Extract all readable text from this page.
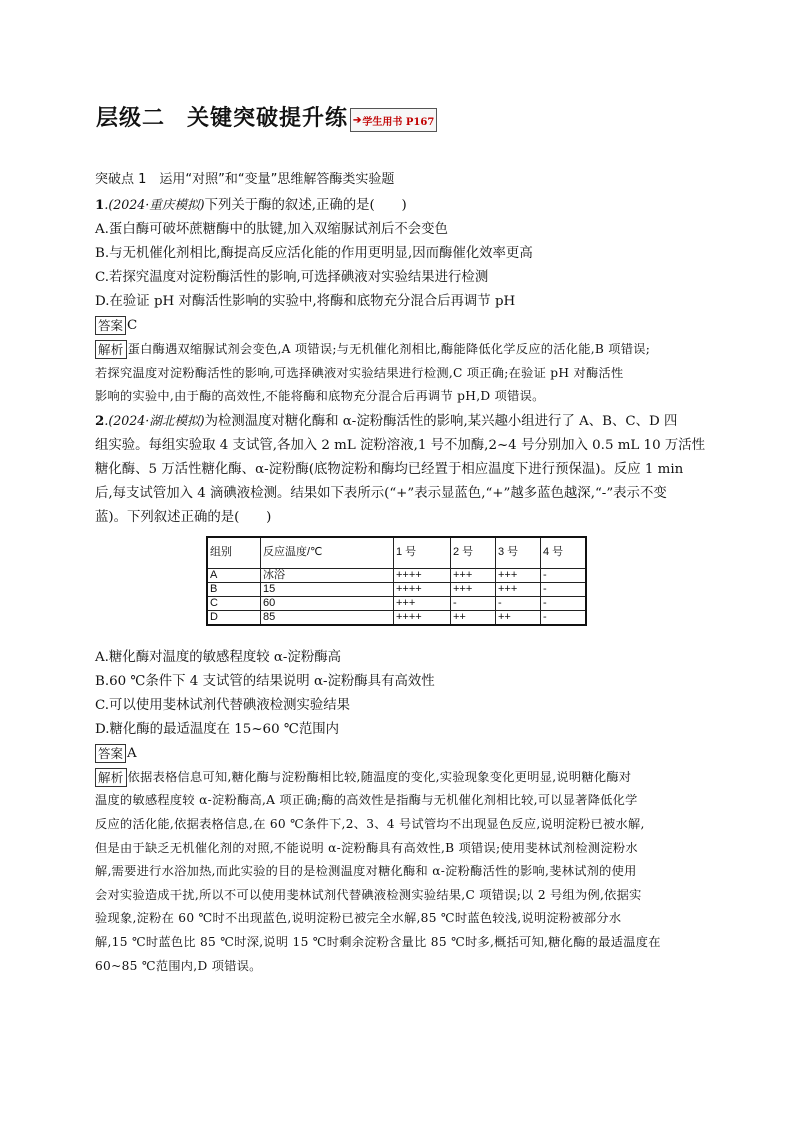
层级二 关键突破提升练 ➔ 学生用书 P167
突破点 1　 运用“对照”和“变量”思维解答酶类实验题
1.(2024·重庆模拟)下列关于酶的叙述,正确的是(　　)
A.蛋白酶可破坏蔗糖酶中的肽键,加入双缩脲试剂后不会变色
B.与无机催化剂相比,酶提高反应活化能的作用更明显,因而酶催化效率更高
C.若探究温度对淀粉酶活性的影响,可选择碘液对实验结果进行检测
D.在验证 pH 对酶活性影响的实验中,将酶和底物充分混合后再调节 pH
答案 C
解析 蛋白酶遇双缩脲试剂会变色,A 项错误;与无机催化剂相比,酶能降低化学反应的活化能,B 项错误;
若探究温度对淀粉酶活性的影响,可选择碘液对实验结果进行检测,C 项正确;在验证 pH 对酶活性
影响的实验中,由于酶的高效性,不能将酶和底物充分混合后再调节 pH,D 项错误。
2.(2024·湖北模拟)为检测温度对糖化酶和 α-淀粉酶活性的影响,某兴趣小组进行了 A、B、C、D 四
组实验。每组实验取 4 支试管,各加入 2 mL 淀粉溶液,1 号不加酶,2~4 号分别加入 0.5 mL 10 万活性
糖化酶、5 万活性糖化酶、α-淀粉酶(底物淀粉和酶均已经置于相应温度下进行预保温)。反应 1 min
后,每支试管加入 4 滴碘液检测。结果如下表所示(“+”表示显蓝色,“+”越多蓝色越深,“-”表示不变
蓝)。下列叙述正确的是(　　)
组别	反应温度/℃	1 号	2 号	3 号	4 号
A	冰浴	++++	+++	+++	-
B	15	++++	+++	+++	-
C	60	+++	-	-	-
D	85	++++	++	++	-
A.糖化酶对温度的敏感程度较 α-淀粉酶高
B.60 ℃条件下 4 支试管的结果说明 α-淀粉酶具有高效性
C.可以使用斐林试剂代替碘液检测实验结果
D.糖化酶的最适温度在 15~60 ℃范围内
答案 A
解析 依据表格信息可知,糖化酶与淀粉酶相比较,随温度的变化,实验现象变化更明显,说明糖化酶对
温度的敏感程度较 α-淀粉酶高,A 项正确;酶的高效性是指酶与无机催化剂相比较,可以显著降低化学
反应的活化能,依据表格信息,在 60 ℃条件下,2、3、4 号试管均不出现显色反应,说明淀粉已被水解,
但是由于缺乏无机催化剂的对照,不能说明 α-淀粉酶具有高效性,B 项错误;使用斐林试剂检测淀粉水
解,需要进行水浴加热,而此实验的目的是检测温度对糖化酶和 α-淀粉酶活性的影响,斐林试剂的使用
会对实验造成干扰,所以不可以使用斐林试剂代替碘液检测实验结果,C 项错误;以 2 号组为例,依据实
验现象,淀粉在 60 ℃时不出现蓝色,说明淀粉已被完全水解,85 ℃时蓝色较浅,说明淀粉被部分水
解,15 ℃时蓝色比 85 ℃时深,说明 15 ℃时剩余淀粉含量比 85 ℃时多,概括可知,糖化酶的最适温度在
60~85 ℃范围内,D 项错误。
